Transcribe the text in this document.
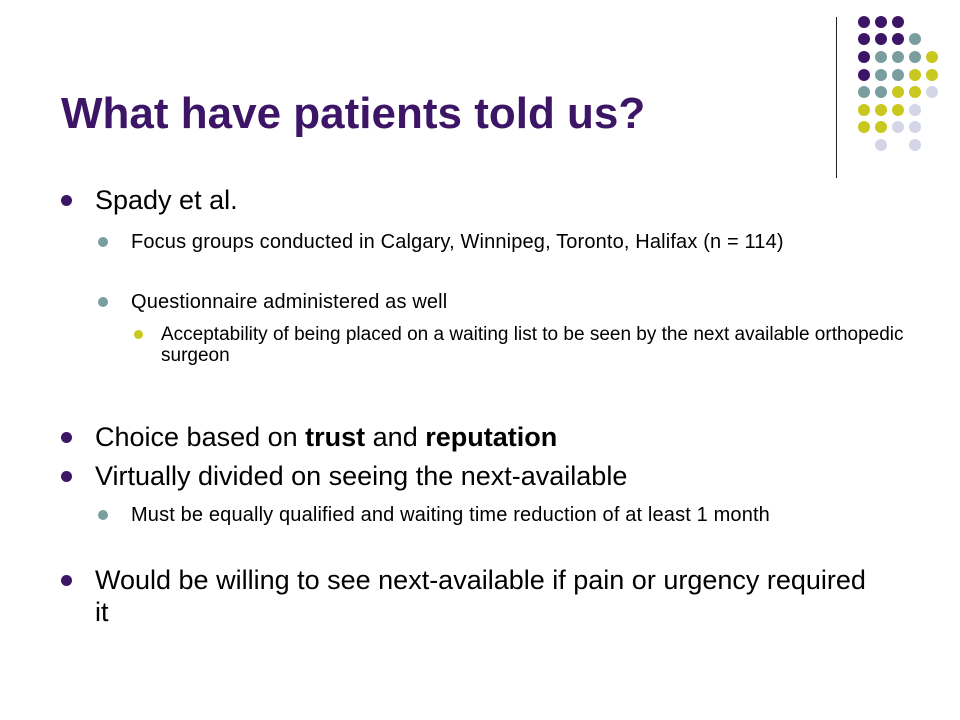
What have patients told us?
Spady et al.
Focus groups conducted in Calgary, Winnipeg, Toronto, Halifax (n = 114)
Questionnaire administered as well
Acceptability of being placed on a waiting list to be seen by the next available orthopedic surgeon
Choice based on trust and reputation
Virtually divided on seeing the next-available
Must be equally qualified and waiting time reduction of at least 1 month
Would be willing to see next-available if pain or urgency required it
